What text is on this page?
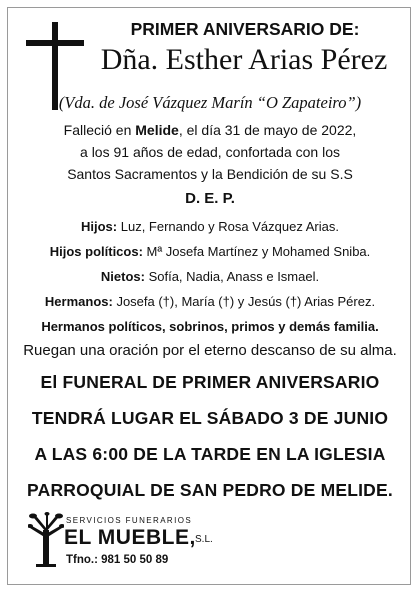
PRIMER ANIVERSARIO DE:
Dña. Esther Arias Pérez
(Vda. de José Vázquez Marín “O Zapateiro”)
Falleció en Melide, el día 31 de mayo de 2022,
a los 91 años de edad, confortada con los
Santos Sacramentos y la Bendición de su S.S
D. E. P.
Hijos: Luz, Fernando y Rosa Vázquez Arias.
Hijos políticos: Mª Josefa Martínez y Mohamed Sniba.
Nietos: Sofía, Nadia, Anass e Ismael.
Hermanos: Josefa (†), María (†) y Jesús (†) Arias Pérez.
Hermanos políticos, sobrinos, primos y demás familia.
Ruegan una oración por el eterno descanso de su alma.
El FUNERAL DE PRIMER ANIVERSARIO
TENDRÁ LUGAR EL SÁBADO 3 DE JUNIO
A LAS 6:00 DE LA TARDE EN LA IGLESIA
PARROQUIAL DE SAN PEDRO DE MELIDE.
SERVICIOS FUNERARIOS
EL MUEBLE, S.L.
Tfno.: 981 50 50 89
